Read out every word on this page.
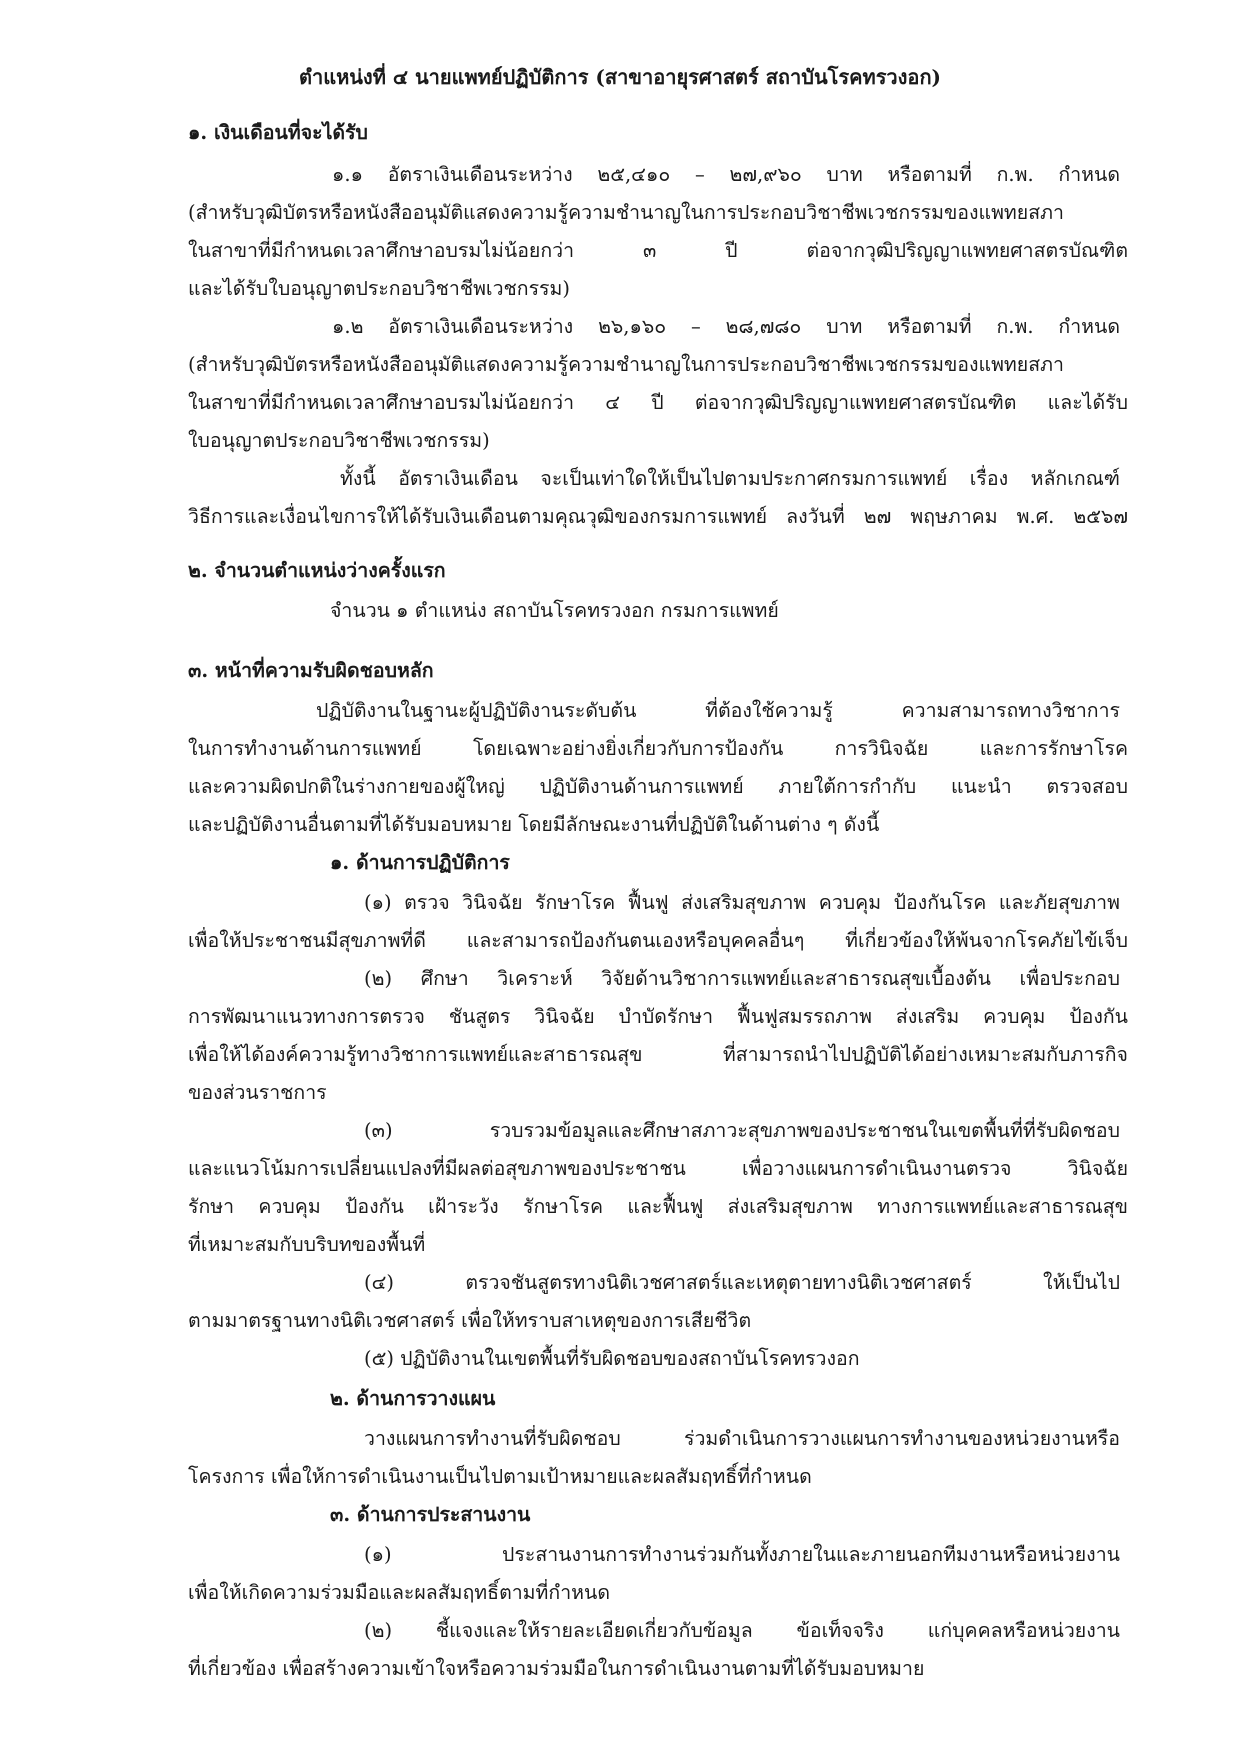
ตำแหน่งที่ ๔ นายแพทย์ปฏิบัติการ (สาขาอายุรศาสตร์ สถาบันโรคทรวงอก)
๑. เงินเดือนที่จะได้รับ
๑.๑ อัตราเงินเดือนระหว่าง ๒๕,๔๑๐ – ๒๗,๙๖๐ บาท หรือตามที่ ก.พ. กำหนด
(สำหรับวุฒิบัตรหรือหนังสืออนุมัติแสดงความรู้ความชำนาญในการประกอบวิชาชีพเวชกรรมของแพทยสภา
ในสาขาที่มีกำหนดเวลาศึกษาอบรมไม่น้อยกว่า ๓ ปี ต่อจากวุฒิปริญญาแพทยศาสตรบัณฑิต
และได้รับใบอนุญาตประกอบวิชาชีพเวชกรรม)
๑.๒ อัตราเงินเดือนระหว่าง ๒๖,๑๖๐ – ๒๘,๗๘๐ บาท หรือตามที่ ก.พ. กำหนด
(สำหรับวุฒิบัตรหรือหนังสืออนุมัติแสดงความรู้ความชำนาญในการประกอบวิชาชีพเวชกรรมของแพทยสภา
ในสาขาที่มีกำหนดเวลาศึกษาอบรมไม่น้อยกว่า ๔ ปี ต่อจากวุฒิปริญญาแพทยศาสตรบัณฑิต และได้รับ
ใบอนุญาตประกอบวิชาชีพเวชกรรม)
ทั้งนี้ อัตราเงินเดือน จะเป็นเท่าใดให้เป็นไปตามประกาศกรมการแพทย์ เรื่อง หลักเกณฑ์
วิธีการและเงื่อนไขการให้ได้รับเงินเดือนตามคุณวุฒิของกรมการแพทย์ ลงวันที่ ๒๗ พฤษภาคม พ.ศ. ๒๕๖๗
๒. จำนวนตำแหน่งว่างครั้งแรก
จำนวน ๑ ตำแหน่ง สถาบันโรคทรวงอก กรมการแพทย์
๓. หน้าที่ความรับผิดชอบหลัก
ปฏิบัติงานในฐานะผู้ปฏิบัติงานระดับต้น ที่ต้องใช้ความรู้ ความสามารถทางวิชาการ
ในการทำงานด้านการแพทย์ โดยเฉพาะอย่างยิ่งเกี่ยวกับการป้องกัน การวินิจฉัย และการรักษาโรค
และความผิดปกติในร่างกายของผู้ใหญ่ ปฏิบัติงานด้านการแพทย์ ภายใต้การกำกับ แนะนำ ตรวจสอบ
และปฏิบัติงานอื่นตามที่ได้รับมอบหมาย โดยมีลักษณะงานที่ปฏิบัติในด้านต่าง ๆ ดังนี้
๑. ด้านการปฏิบัติการ
(๑) ตรวจ วินิจฉัย รักษาโรค ฟื้นฟู ส่งเสริมสุขภาพ ควบคุม ป้องกันโรค และภัยสุขภาพ
เพื่อให้ประชาชนมีสุขภาพที่ดี และสามารถป้องกันตนเองหรือบุคคลอื่นๆ ที่เกี่ยวข้องให้พ้นจากโรคภัยไข้เจ็บ
(๒) ศึกษา วิเคราะห์ วิจัยด้านวิชาการแพทย์และสาธารณสุขเบื้องต้น เพื่อประกอบ
การพัฒนาแนวทางการตรวจ ชันสูตร วินิจฉัย บำบัดรักษา ฟื้นฟูสมรรถภาพ ส่งเสริม ควบคุม ป้องกัน
เพื่อให้ได้องค์ความรู้ทางวิชาการแพทย์และสาธารณสุข ที่สามารถนำไปปฏิบัติได้อย่างเหมาะสมกับภารกิจ
ของส่วนราชการ
(๓) รวบรวมข้อมูลและศึกษาสภาวะสุขภาพของประชาชนในเขตพื้นที่ที่รับผิดชอบ
และแนวโน้มการเปลี่ยนแปลงที่มีผลต่อสุขภาพของประชาชน เพื่อวางแผนการดำเนินงานตรวจ วินิจฉัย
รักษา ควบคุม ป้องกัน เฝ้าระวัง รักษาโรค และฟื้นฟู ส่งเสริมสุขภาพ ทางการแพทย์และสาธารณสุข
ที่เหมาะสมกับบริบทของพื้นที่
(๔) ตรวจชันสูตรทางนิติเวชศาสตร์และเหตุตายทางนิติเวชศาสตร์ ให้เป็นไป
ตามมาตรฐานทางนิติเวชศาสตร์ เพื่อให้ทราบสาเหตุของการเสียชีวิต
(๕) ปฏิบัติงานในเขตพื้นที่รับผิดชอบของสถาบันโรคทรวงอก
๒. ด้านการวางแผน
วางแผนการทำงานที่รับผิดชอบ ร่วมดำเนินการวางแผนการทำงานของหน่วยงานหรือ
โครงการ เพื่อให้การดำเนินงานเป็นไปตามเป้าหมายและผลสัมฤทธิ์ที่กำหนด
๓. ด้านการประสานงาน
(๑) ประสานงานการทำงานร่วมกันทั้งภายในและภายนอกทีมงานหรือหน่วยงาน
เพื่อให้เกิดความร่วมมือและผลสัมฤทธิ์ตามที่กำหนด
(๒) ชี้แจงและให้รายละเอียดเกี่ยวกับข้อมูล ข้อเท็จจริง แก่บุคคลหรือหน่วยงาน
ที่เกี่ยวข้อง เพื่อสร้างความเข้าใจหรือความร่วมมือในการดำเนินงานตามที่ได้รับมอบหมาย
